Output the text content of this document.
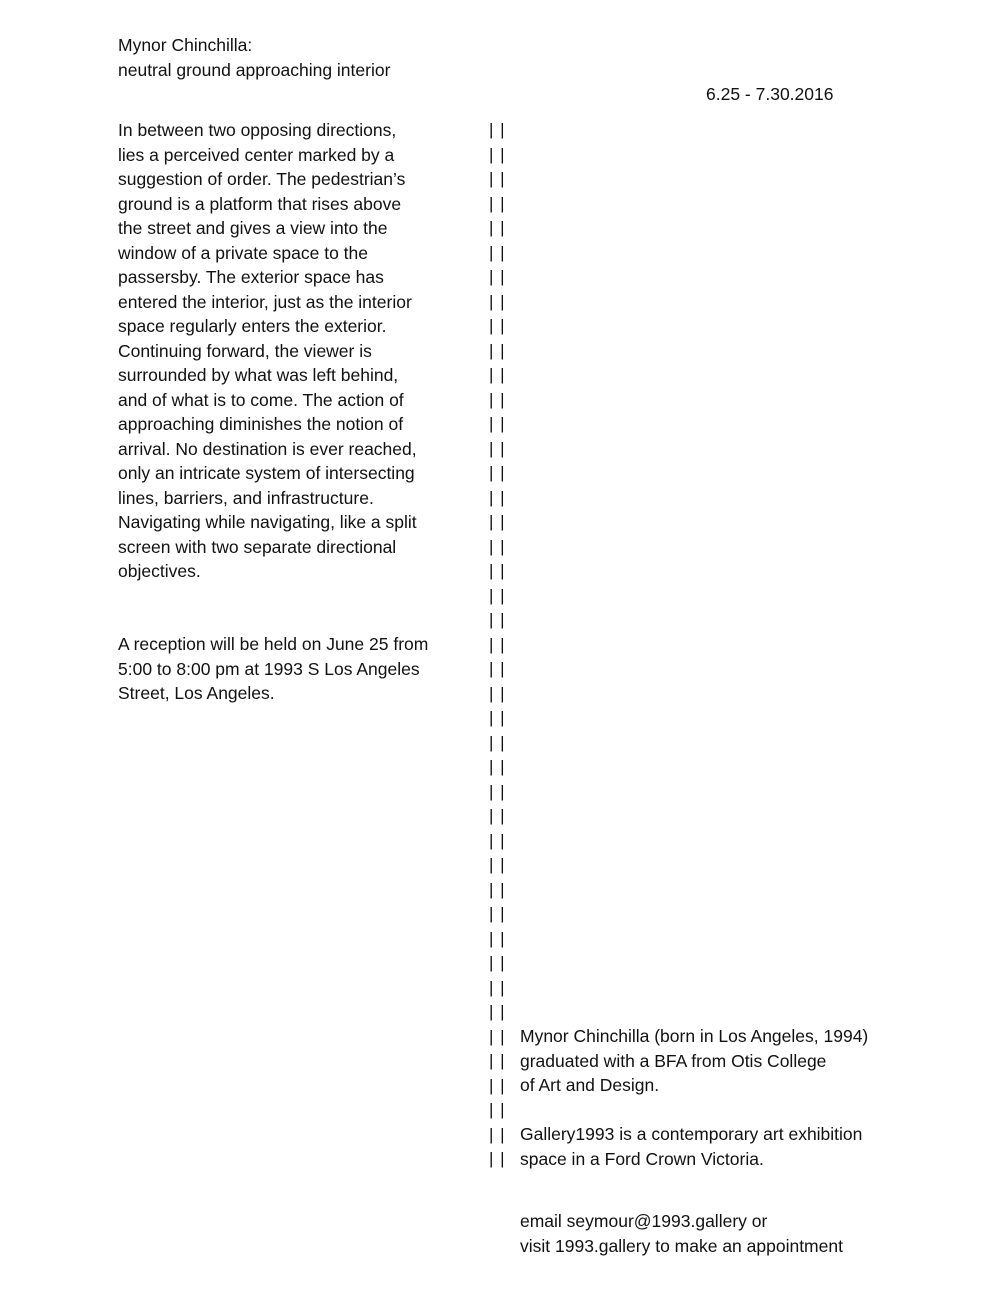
Mynor Chinchilla:
neutral ground approaching interior
6.25 - 7.30.2016
In between two opposing directions,
lies a perceived center marked by a
suggestion of order. The pedestrian’s
ground is a platform that rises above
the street and gives a view into the
window of a private space to the
passersby. The exterior space has
entered the interior, just as the interior
space regularly enters the exterior.
Continuing forward, the viewer is
surrounded by what was left behind,
and of what is to come. The action of
approaching diminishes the notion of
arrival. No destination is ever reached,
only an intricate system of intersecting
lines, barriers, and infrastructure.
Navigating while navigating, like a split
screen with two separate directional
objectives.
A reception will be held on June 25 from
5:00 to 8:00 pm at 1993 S Los Angeles
Street, Los Angeles.
| |
| |
| |
| |
| |
| |
| |
| |
| |
| |
| |
| |
| |
| |
| |
| |
| |
| |
| |
| |
| |
| |
| |
| |
| |
| |
| |
| |
| |
| |
| |
| |
| |
| |
| |
| |
| |
| |
| |
| |
| |
| |
| |
Mynor Chinchilla (born in Los Angeles, 1994)
graduated with a BFA from Otis College
of Art and Design.
Gallery1993 is a contemporary art exhibition
space in a Ford Crown Victoria.
email seymour@1993.gallery or
visit 1993.gallery to make an appointment
